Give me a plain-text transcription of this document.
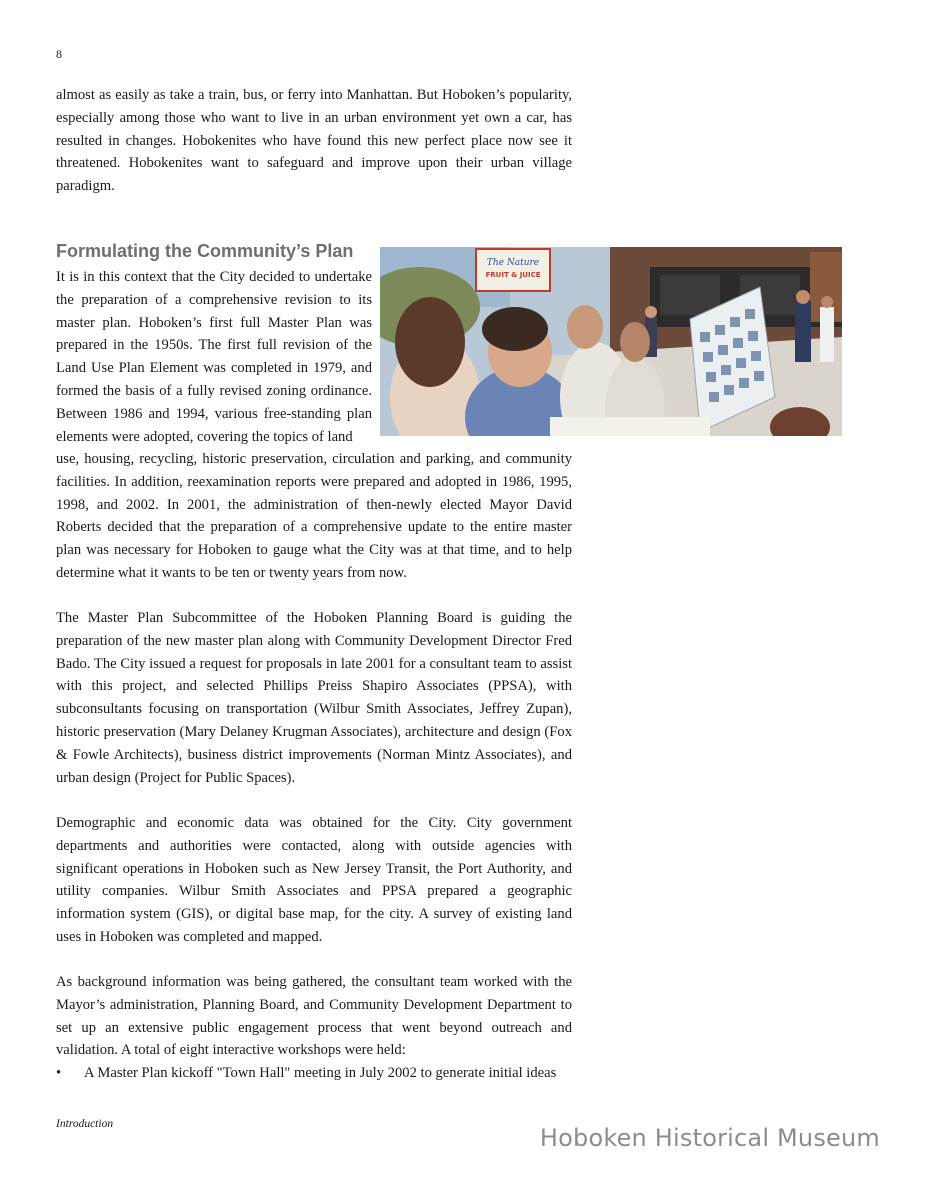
8

almost as easily as take a train, bus, or ferry into Manhattan. But Hoboken’s popularity, especially among those who want to live in an urban environment yet own a car, has resulted in changes. Hobokenites who have found this new perfect place now see it threatened. Hobokenites want to safeguard and improve upon their urban village paradigm.

Formulating the Community’s Plan

It is in this context that the City decided to undertake the preparation of a comprehensive revision to its master plan. Hoboken’s first full Master Plan was prepared in the 1950s. The first full revision of the Land Use Plan Element was completed in 1979, and formed the basis of a fully revised zoning ordinance. Between 1986 and 1994, various free-standing plan elements were adopted, covering the topics of land

use, housing, recycling, historic preservation, circulation and parking, and community facilities. In addition, reexamination reports were prepared and adopted in 1986, 1995, 1998, and 2002. In 2001, the administration of then-newly elected Mayor David Roberts decided that the preparation of a comprehensive update to the entire master plan was necessary for Hoboken to gauge what the City was at that time, and to help determine what it wants to be ten or twenty years from now.

The Master Plan Subcommittee of the Hoboken Planning Board is guiding the preparation of the new master plan along with Community Development Director Fred Bado. The City issued a request for proposals in late 2001 for a consultant team to assist with this project, and selected Phillips Preiss Shapiro Associates (PPSA), with subconsultants focusing on transportation (Wilbur Smith Associates, Jeffrey Zupan), historic preservation (Mary Delaney Krugman Associates), architecture and design (Fox & Fowle Architects), business district improvements (Norman Mintz Associates), and urban design (Project for Public Spaces).

Demographic and economic data was obtained for the City. City government departments and authorities were contacted, along with outside agencies with significant operations in Hoboken such as New Jersey Transit, the Port Authority, and utility companies. Wilbur Smith Associates and PPSA prepared a geographic information system (GIS), or digital base map, for the city. A survey of existing land uses in Hoboken was completed and mapped.

As background information was being gathered, the consultant team worked with the Mayor’s administration, Planning Board, and Community Development Department to set up an extensive public engagement process that went beyond outreach and validation. A total of eight interactive workshops were held:

•	A Master Plan kickoff "Town Hall" meeting in July 2002 to generate initial ideas
The Nature
FRUIT & JUICE
Introduction	Hoboken Historical Museum
